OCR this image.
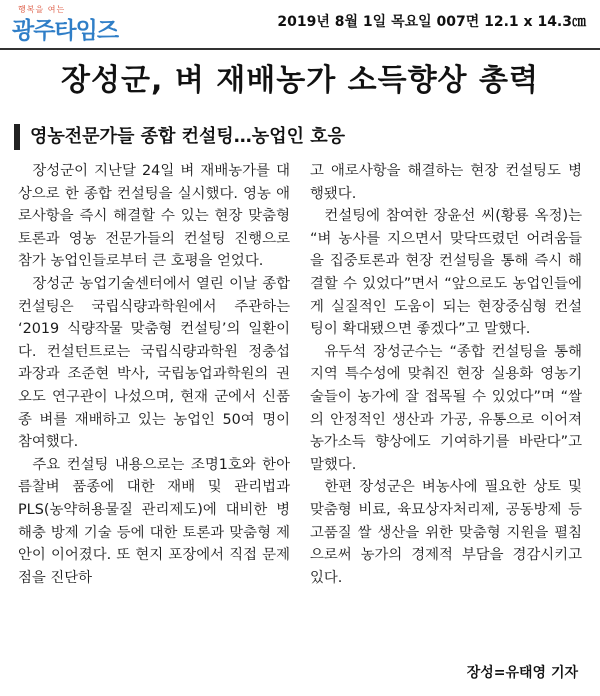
행복을 여는
광주타임즈	2019년 8월 1일 목요일 007면 12.1 x 14.3㎝
장성군, 벼 재배농가 소득향상 총력
영농전문가들 종합 컨설팅…농업인 호응

장성군이 지난달 24일 벼 재배농가를 대상으로 한 종합 컨설팅을 실시했다. 영농 애로사항을 즉시 해결할 수 있는 현장 맞춤형 토론과 영농 전문가들의 컨설팅 진행으로 참가 농업인들로부터 큰 호평을 얻었다.

장성군 농업기술센터에서 열린 이날 종합 컨설팅은 국립식량과학원에서 주관하는 ‘2019 식량작물 맞춤형 컨설팅’의 일환이다. 컨설턴트로는 국립식량과학원 정충섭 과장과 조준현 박사, 국립농업과학원의 권오도 연구관이 나섰으며, 현재 군에서 신품종 벼를 재배하고 있는 농업인 50여 명이 참여했다.

주요 컨설팅 내용으로는 조명1호와 한아름찰벼 품종에 대한 재배 및 관리법과 PLS(농약허용물질 관리제도)에 대비한 병해충 방제 기술 등에 대한 토론과 맞춤형 제안이 이어졌다. 또 현지 포장에서 직접 문제점을 진단하

고 애로사항을 해결하는 현장 컨설팅도 병행됐다.

컨설팅에 참여한 장윤선 씨(황룡 옥정)는 “벼 농사를 지으면서 맞닥뜨렸던 어려움들을 집중토론과 현장 컨설팅을 통해 즉시 해결할 수 있었다”면서 “앞으로도 농업인들에게 실질적인 도움이 되는 현장중심형 컨설팅이 확대됐으면 좋겠다”고 말했다.

유두석 장성군수는 “종합 컨설팅을 통해 지역 특수성에 맞춰진 현장 실용화 영농기술들이 농가에 잘 접목될 수 있었다”며 “쌀의 안정적인 생산과 가공, 유통으로 이어져 농가소득 향상에도 기여하기를 바란다”고 말했다.

한편 장성군은 벼농사에 필요한 상토 및 맞춤형 비료, 육묘상자처리제, 공동방제 등 고품질 쌀 생산을 위한 맞춤형 지원을 펼침으로써 농가의 경제적 부담을 경감시키고 있다.

장성=유태영 기자
